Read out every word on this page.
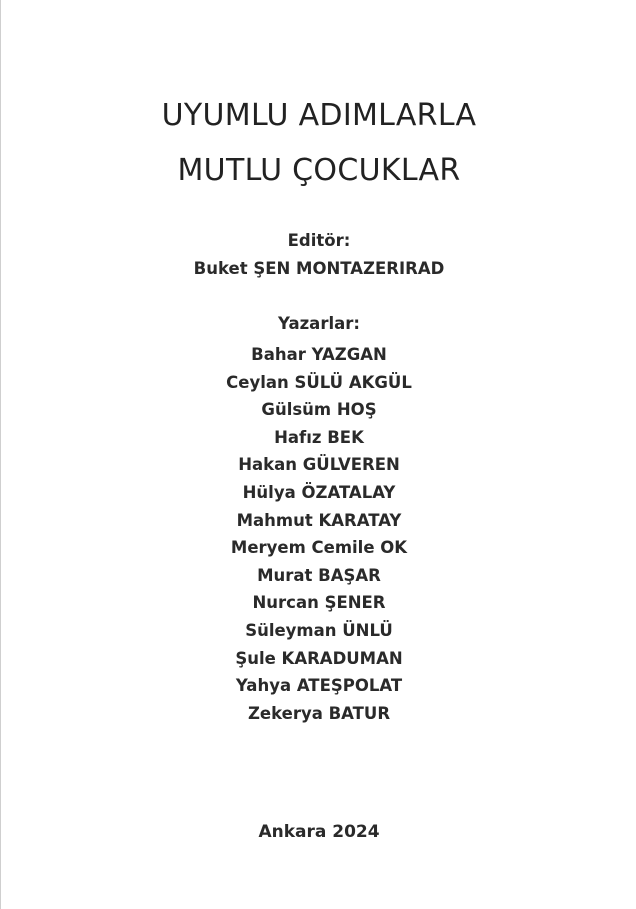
UYUMLU ADIMLARLA
MUTLU ÇOCUKLAR
Editör:
Buket ŞEN MONTAZERIRAD
Yazarlar:
Bahar YAZGAN
Ceylan SÜLÜ AKGÜL
Gülsüm HOŞ
Hafız BEK
Hakan GÜLVEREN
Hülya ÖZATALAY
Mahmut KARATAY
Meryem Cemile OK
Murat BAŞAR
Nurcan ŞENER
Süleyman ÜNLÜ
Şule KARADUMAN
Yahya ATEŞPOLAT
Zekerya BATUR
Ankara 2024
